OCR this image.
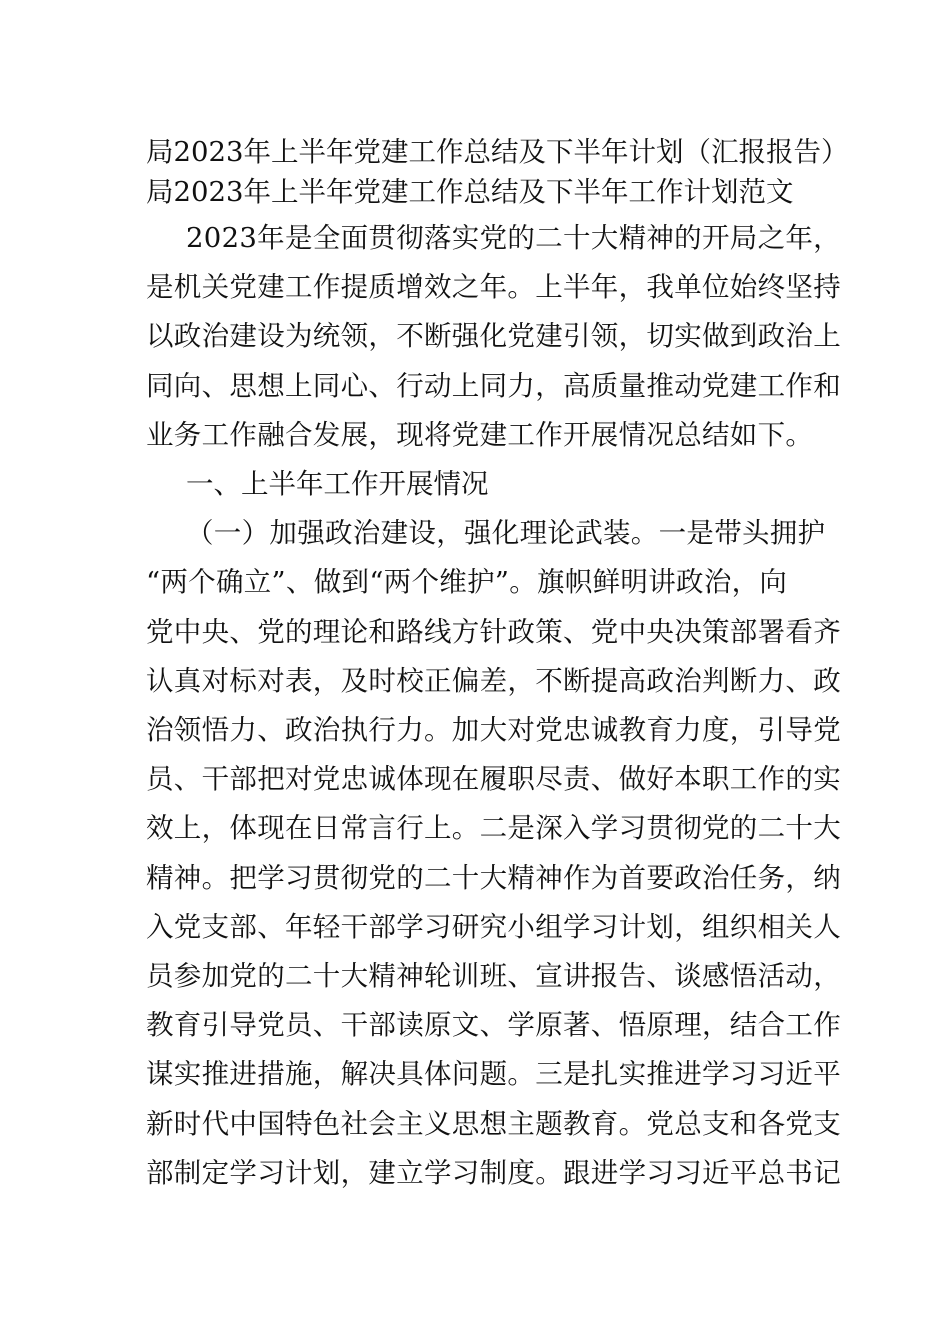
局2023年上半年党建工作总结及下半年计划（汇报报告）

局2023年上半年党建工作总结及下半年工作计划范文

2023年是全面贯彻落实党的二十大精神的开局之年，

是机关党建工作提质增效之年。上半年，我单位始终坚持

以政治建设为统领，不断强化党建引领，切实做到政治上

同向、思想上同心、行动上同力，高质量推动党建工作和

业务工作融合发展，现将党建工作开展情况总结如下。

一、上半年工作开展情况

（一）加强政治建设，强化理论武装。一是带头拥护

“两个确立”、做到“两个维护”。旗帜鲜明讲政治，向

党中央、党的理论和路线方针政策、党中央决策部署看齐

认真对标对表，及时校正偏差，不断提高政治判断力、政

治领悟力、政治执行力。加大对党忠诚教育力度，引导党

员、干部把对党忠诚体现在履职尽责、做好本职工作的实

效上，体现在日常言行上。二是深入学习贯彻党的二十大

精神。把学习贯彻党的二十大精神作为首要政治任务，纳

入党支部、年轻干部学习研究小组学习计划，组织相关人

员参加党的二十大精神轮训班、宣讲报告、谈感悟活动，

教育引导党员、干部读原文、学原著、悟原理，结合工作

谋实推进措施，解决具体问题。三是扎实推进学习习近平

新时代中国特色社会主义思想主题教育。党总支和各党支

部制定学习计划，建立学习制度。跟进学习习近平总书记
